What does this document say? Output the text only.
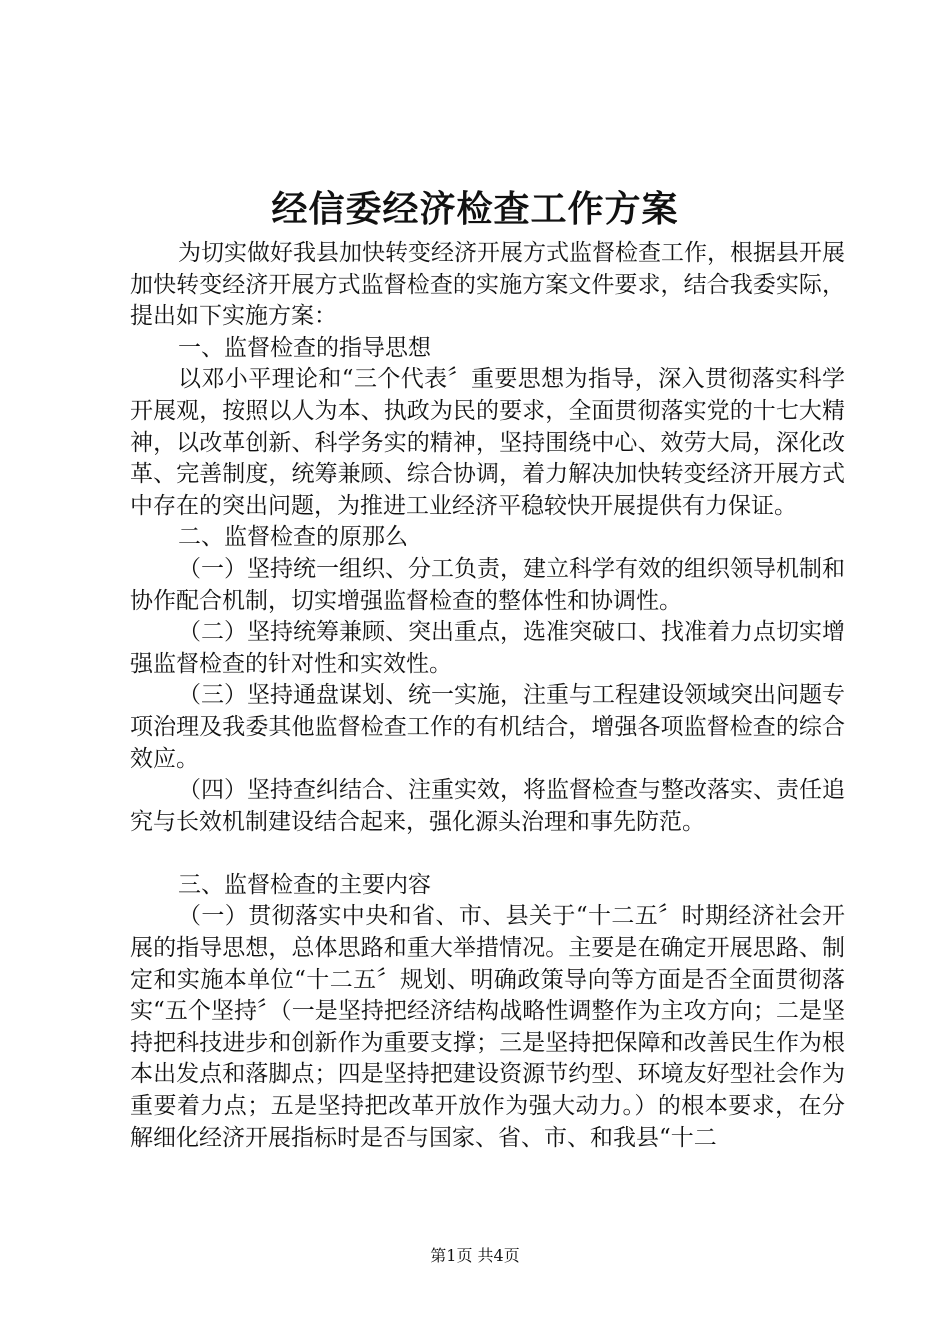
经信委经济检查工作方案

为切实做好我县加快转变经济开展方式监督检查工作，根据县开展加快转变经济开展方式监督检查的实施方案文件要求，结合我委实际，提出如下实施方案：

一、监督检查的指导思想

以邓小平理论和“三个代表〞重要思想为指导，深入贯彻落实科学开展观，按照以人为本、执政为民的要求，全面贯彻落实党的十七大精神，以改革创新、科学务实的精神，坚持围绕中心、效劳大局，深化改革、完善制度，统筹兼顾、综合协调，着力解决加快转变经济开展方式中存在的突出问题，为推进工业经济平稳较快开展提供有力保证。

二、监督检查的原那么

（一）坚持统一组织、分工负责，建立科学有效的组织领导机制和协作配合机制，切实增强监督检查的整体性和协调性。

（二）坚持统筹兼顾、突出重点，选准突破口、找准着力点切实增强监督检查的针对性和实效性。

（三）坚持通盘谋划、统一实施，注重与工程建设领域突出问题专项治理及我委其他监督检查工作的有机结合，增强各项监督检查的综合效应。

（四）坚持查纠结合、注重实效，将监督检查与整改落实、责任追究与长效机制建设结合起来，强化源头治理和事先防范。

三、监督检查的主要内容

（一）贯彻落实中央和省、市、县关于“十二五〞时期经济社会开展的指导思想，总体思路和重大举措情况。主要是在确定开展思路、制定和实施本单位“十二五〞规划、明确政策导向等方面是否全面贯彻落实“五个坚持〞（一是坚持把经济结构战略性调整作为主攻方向；二是坚持把科技进步和创新作为重要支撑；三是坚持把保障和改善民生作为根本出发点和落脚点；四是坚持把建设资源节约型、环境友好型社会作为重要着力点；五是坚持把改革开放作为强大动力。）的根本要求，在分解细化经济开展指标时是否与国家、省、市、和我县“十二

第1页 共4页
